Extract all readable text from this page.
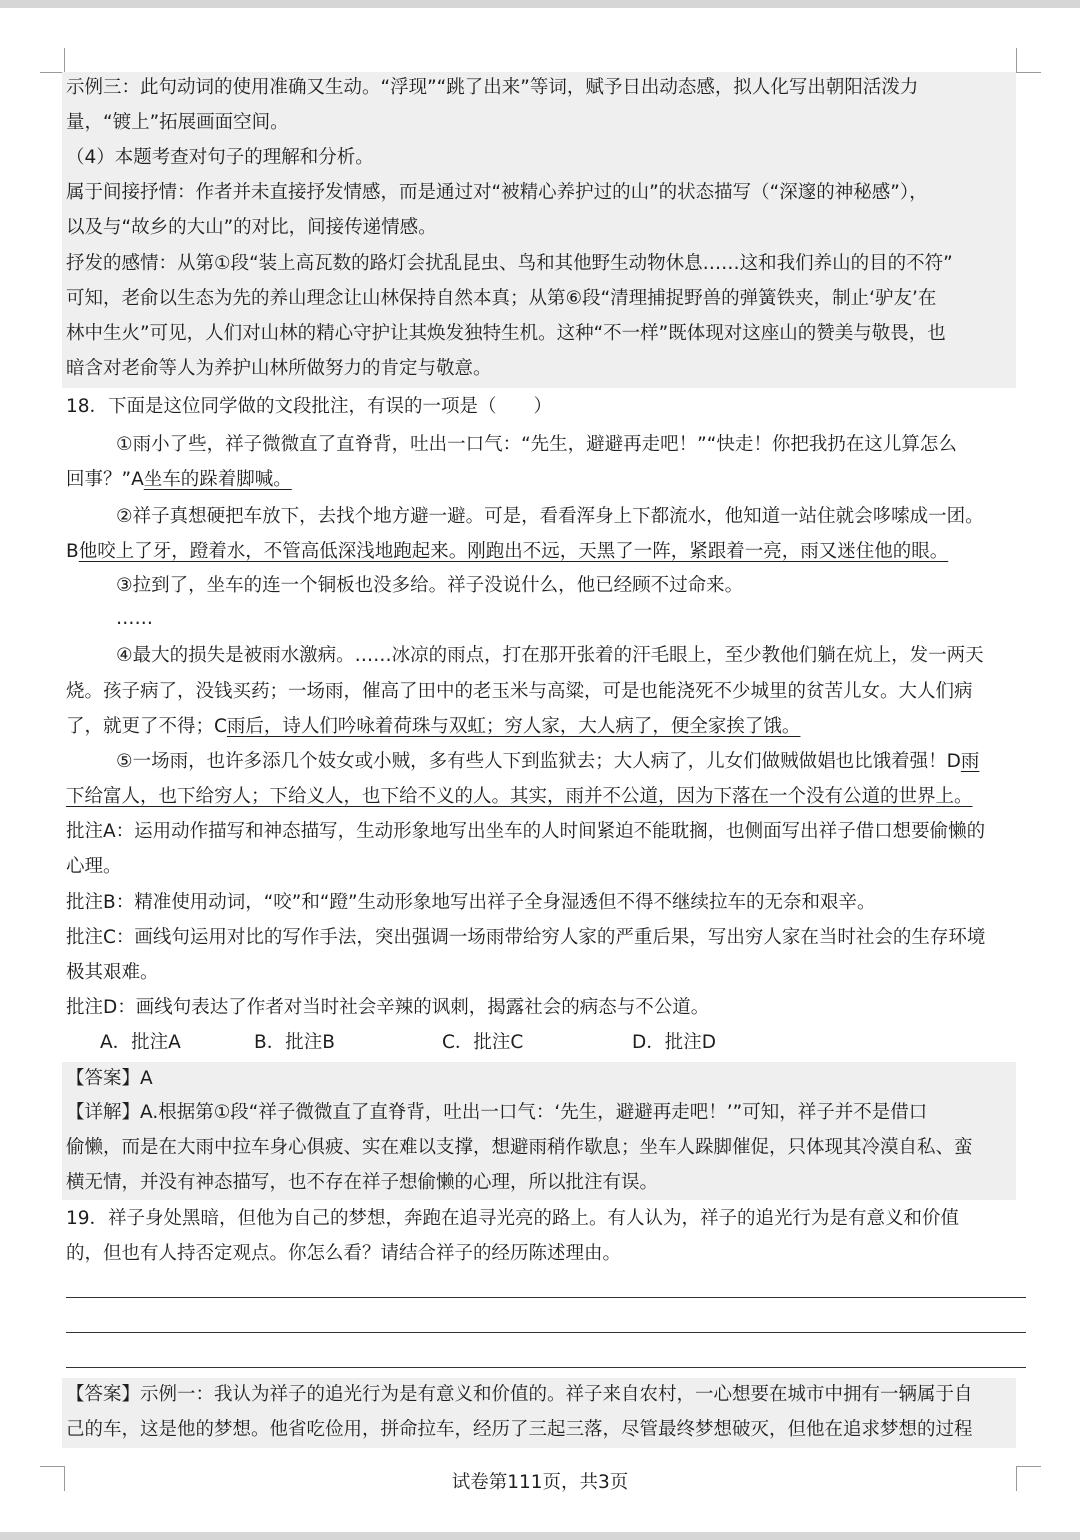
示例三：此句动词的使用准确又生动。“浮现”“跳了出来”等词，赋予日出动态感，拟人化写出朝阳活泼力
量，“镀上”拓展画面空间。
（4）本题考查对句子的理解和分析。
属于间接抒情：作者并未直接抒发情感，而是通过对“被精心养护过的山”的状态描写（“深邃的神秘感”），
以及与“故乡的大山”的对比，间接传递情感。
抒发的感情：从第①段“装上高瓦数的路灯会扰乱昆虫、鸟和其他野生动物休息……这和我们养山的目的不符”
可知，老俞以生态为先的养山理念让山林保持自然本真；从第⑥段“清理捕捉野兽的弹簧铁夹，制止‘驴友’在
林中生火”可见，人们对山林的精心守护让其焕发独特生机。这种“不一样”既体现对这座山的赞美与敬畏，也
暗含对老俞等人为养护山林所做努力的肯定与敬意。
18．下面是这位同学做的文段批注，有误的一项是（　　）
①雨小了些，祥子微微直了直脊背，吐出一口气：“先生，避避再走吧！”“快走！你把我扔在这儿算怎么
回事？”A坐车的跺着脚喊。
②祥子真想硬把车放下，去找个地方避一避。可是，看看浑身上下都流水，他知道一站住就会哆嗦成一团。
B他咬上了牙，蹬着水，不管高低深浅地跑起来。刚跑出不远，天黑了一阵，紧跟着一亮，雨又迷住他的眼。
③拉到了，坐车的连一个铜板也没多给。祥子没说什么，他已经顾不过命来。
……
④最大的损失是被雨水激病。……冰凉的雨点，打在那开张着的汗毛眼上，至少教他们躺在炕上，发一两天
烧。孩子病了，没钱买药；一场雨，催高了田中的老玉米与高粱，可是也能浇死不少城里的贫苦儿女。大人们病
了，就更了不得；C雨后，诗人们吟咏着荷珠与双虹；穷人家，大人病了，便全家挨了饿。
⑤一场雨，也许多添几个妓女或小贼，多有些人下到监狱去；大人病了，儿女们做贼做娼也比饿着强！D雨
下给富人，也下给穷人；下给义人，也下给不义的人。其实，雨并不公道，因为下落在一个没有公道的世界上。
批注A：运用动作描写和神态描写，生动形象地写出坐车的人时间紧迫不能耽搁，也侧面写出祥子借口想要偷懒的
心理。
批注B：精准使用动词，“咬”和“蹬”生动形象地写出祥子全身湿透但不得不继续拉车的无奈和艰辛。
批注C：画线句运用对比的写作手法，突出强调一场雨带给穷人家的严重后果，写出穷人家在当时社会的生存环境
极其艰难。
批注D：画线句表达了作者对当时社会辛辣的讽刺，揭露社会的病态与不公道。
A．批注A	B．批注B	C．批注C	D．批注D
【答案】A
【详解】A.根据第①段“祥子微微直了直脊背，吐出一口气：‘先生，避避再走吧！’”可知，祥子并不是借口
偷懒，而是在大雨中拉车身心俱疲、实在难以支撑，想避雨稍作歇息；坐车人跺脚催促，只体现其冷漠自私、蛮
横无情，并没有神态描写，也不存在祥子想偷懒的心理，所以批注有误。
19．祥子身处黑暗，但他为自己的梦想，奔跑在追寻光亮的路上。有人认为，祥子的追光行为是有意义和价值
的，但也有人持否定观点。你怎么看？请结合祥子的经历陈述理由。
【答案】示例一：我认为祥子的追光行为是有意义和价值的。祥子来自农村，一心想要在城市中拥有一辆属于自
己的车，这是他的梦想。他省吃俭用，拼命拉车，经历了三起三落，尽管最终梦想破灭，但他在追求梦想的过程
试卷第111页，共3页
